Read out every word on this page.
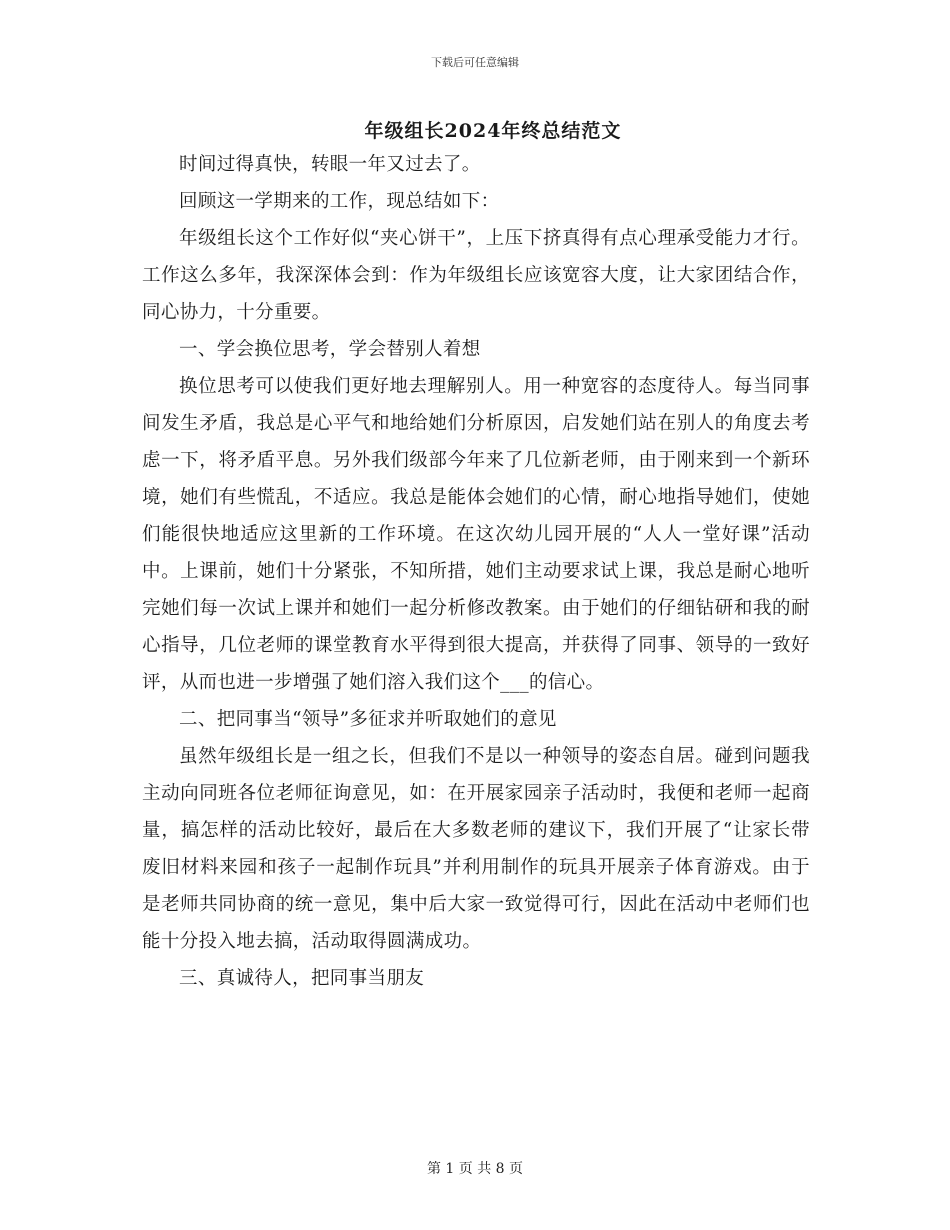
下载后可任意编辑
年级组长2024年终总结范文

时间过得真快，转眼一年又过去了。

回顾这一学期来的工作，现总结如下：

年级组长这个工作好似“夹心饼干”，上压下挤真得有点心理承受能力才行。工作这么多年，我深深体会到：作为年级组长应该宽容大度，让大家团结合作，同心协力，十分重要。

一、学会换位思考，学会替别人着想

换位思考可以使我们更好地去理解别人。用一种宽容的态度待人。每当同事间发生矛盾，我总是心平气和地给她们分析原因，启发她们站在别人的角度去考虑一下，将矛盾平息。另外我们级部今年来了几位新老师，由于刚来到一个新环境，她们有些慌乱，不适应。我总是能体会她们的心情，耐心地指导她们，使她们能很快地适应这里新的工作环境。在这次幼儿园开展的“人人一堂好课”活动中。上课前，她们十分紧张，不知所措，她们主动要求试上课，我总是耐心地听完她们每一次试上课并和她们一起分析修改教案。由于她们的仔细钻研和我的耐心指导，几位老师的课堂教育水平得到很大提高，并获得了同事、领导的一致好评，从而也进一步增强了她们溶入我们这个___的信心。

二、把同事当“领导”多征求并听取她们的意见

虽然年级组长是一组之长，但我们不是以一种领导的姿态自居。碰到问题我主动向同班各位老师征询意见，如：在开展家园亲子活动时，我便和老师一起商量，搞怎样的活动比较好，最后在大多数老师的建议下，我们开展了“让家长带废旧材料来园和孩子一起制作玩具”并利用制作的玩具开展亲子体育游戏。由于是老师共同协商的统一意见，集中后大家一致觉得可行，因此在活动中老师们也能十分投入地去搞，活动取得圆满成功。

三、真诚待人，把同事当朋友

第 1 页 共 8 页
